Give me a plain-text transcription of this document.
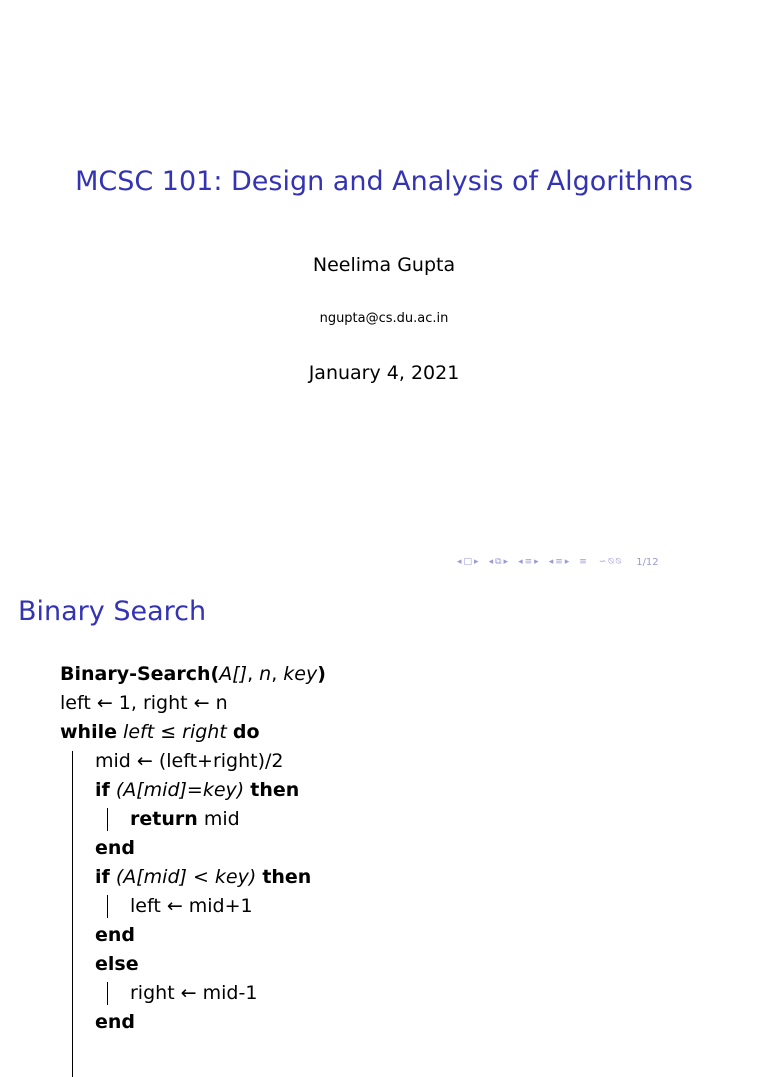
MCSC 101: Design and Analysis of Algorithms
Neelima Gupta
ngupta@cs.du.ac.in
January 4, 2021
◂ □ ▸ ◂ ⧉ ▸ ◂ ≡ ▸ ◂ ≡ ▸ ≡ ∽ ⍉ ⍉ 1/12
Binary Search
Binary-Search(A[], n, key)
left ← 1, right ← n
while left ≤ right do
mid ← (left+right)/2
if (A[mid]=key) then
return mid
end
if (A[mid] < key) then
left ← mid+1
end
else
right ← mid-1
end
